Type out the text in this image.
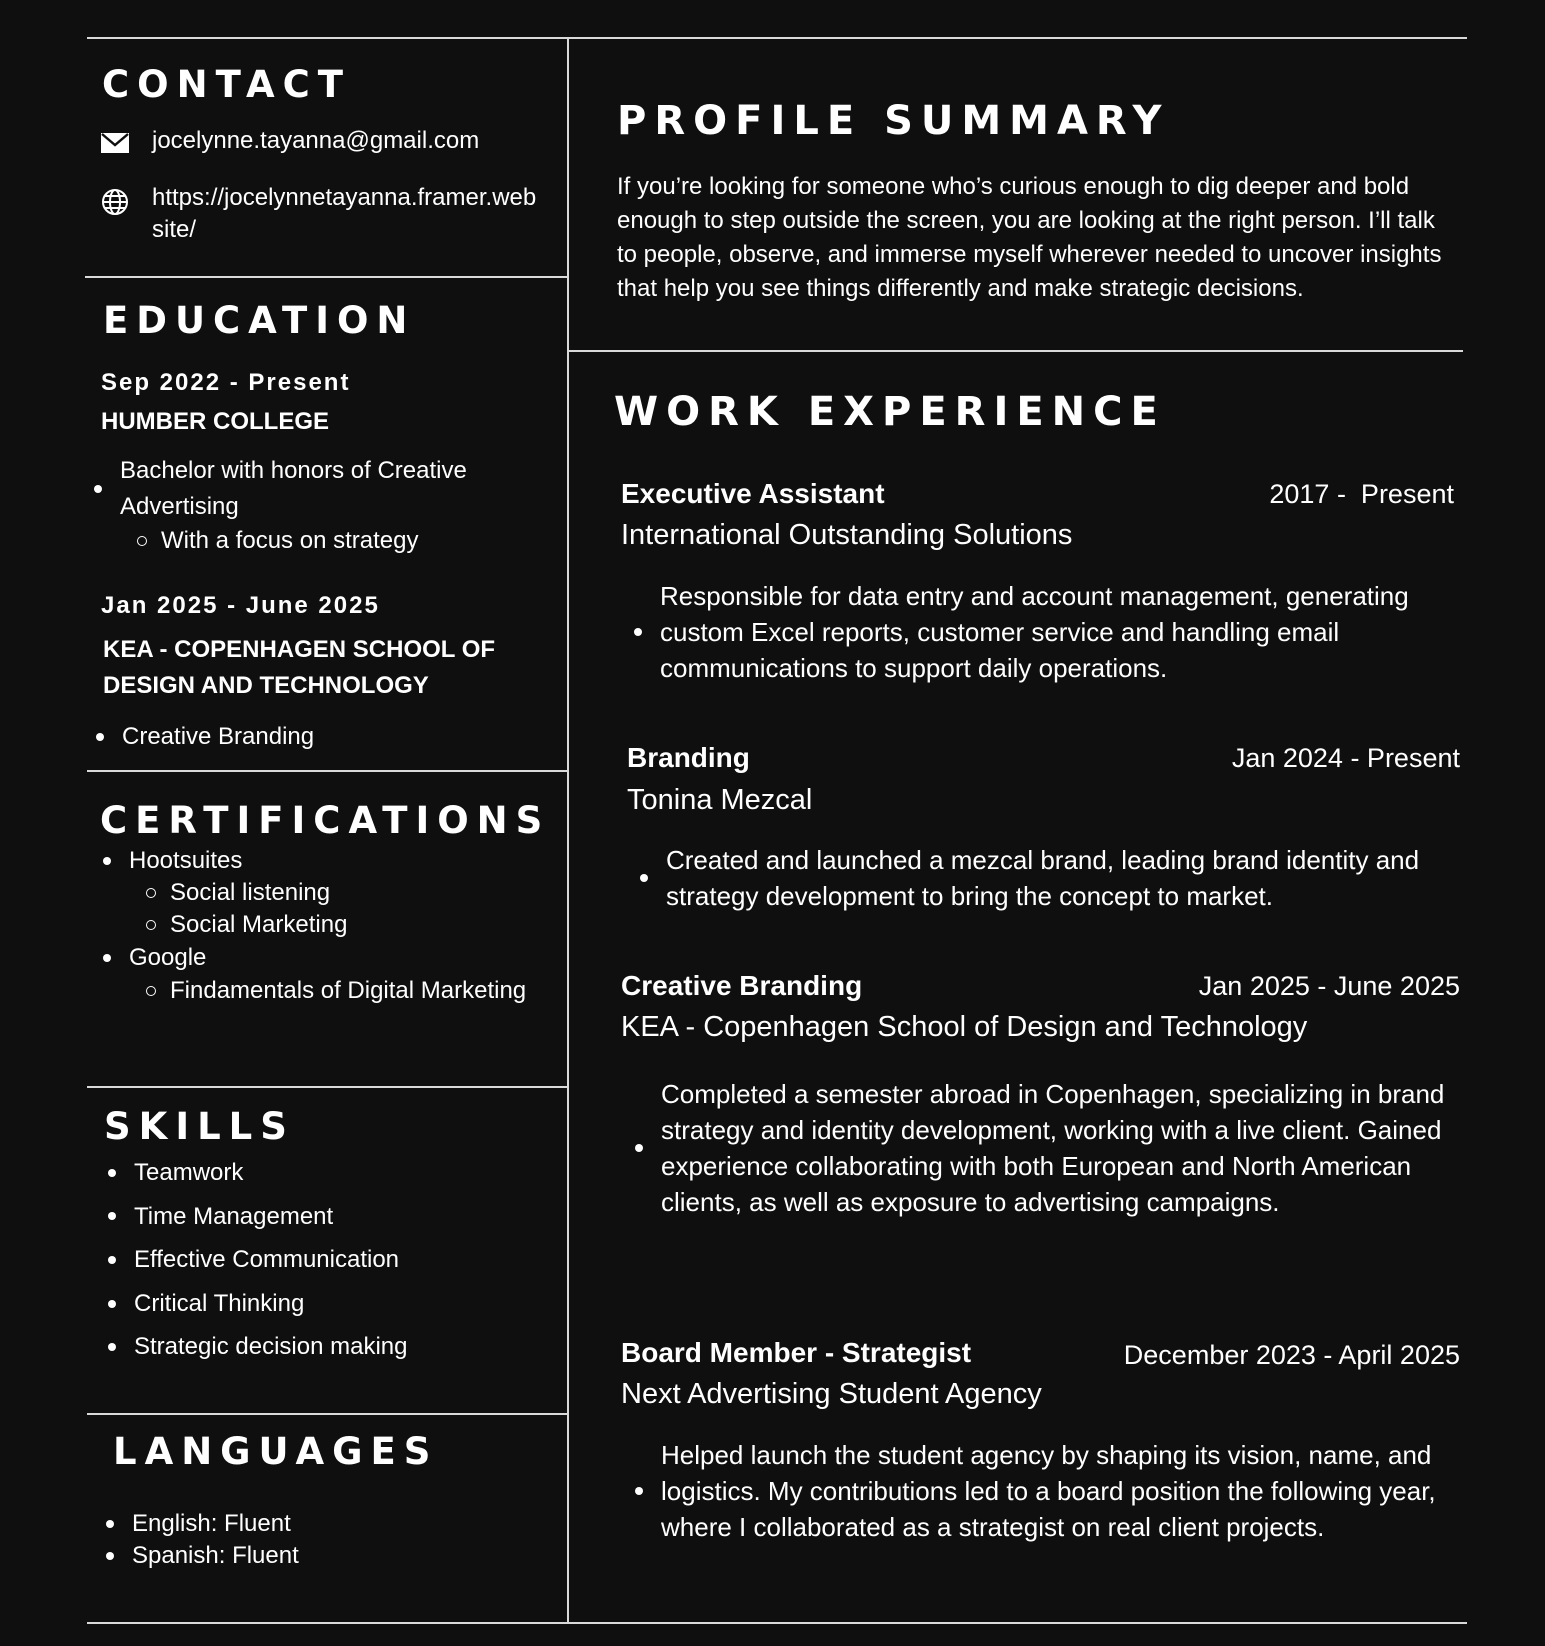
CONTACT
jocelynne.tayanna@gmail.com
https://jocelynnetayanna.framer.web
site/
EDUCATION
Sep 2022 - Present
HUMBER COLLEGE
Bachelor with honors of Creative Advertising
With a focus on strategy
Jan 2025 - June 2025
KEA - COPENHAGEN SCHOOL OF
DESIGN AND TECHNOLOGY
Creative Branding
CERTIFICATIONS
Hootsuites
Social listening
Social Marketing
Google
Findamentals of Digital Marketing
SKILLS
Teamwork
Time Management
Effective Communication
Critical Thinking
Strategic decision making
LANGUAGES
English: Fluent
Spanish: Fluent
PROFILE SUMMARY
If you’re looking for someone who’s curious enough to dig deeper and bold enough to step outside the screen, you are looking at the right person. I’ll talk to people, observe, and immerse myself wherever needed to uncover insights that help you see things differently and make strategic decisions.
WORK EXPERIENCE
Executive Assistant	2017 -  Present
International Outstanding Solutions
Responsible for data entry and account management, generating custom Excel reports, customer service and handling email communications to support daily operations.
Branding	Jan 2024 - Present
Tonina Mezcal
Created and launched a mezcal brand, leading brand identity and strategy development to bring the concept to market.
Creative Branding	Jan 2025 - June 2025
KEA - Copenhagen School of Design and Technology
Completed a semester abroad in Copenhagen, specializing in brand strategy and identity development, working with a live client. Gained experience collaborating with both European and North American clients, as well as exposure to advertising campaigns.
Board Member - Strategist	December 2023 - April 2025
Next Advertising Student Agency
Helped launch the student agency by shaping its vision, name, and logistics. My contributions led to a board position the following year, where I collaborated as a strategist on real client projects.
